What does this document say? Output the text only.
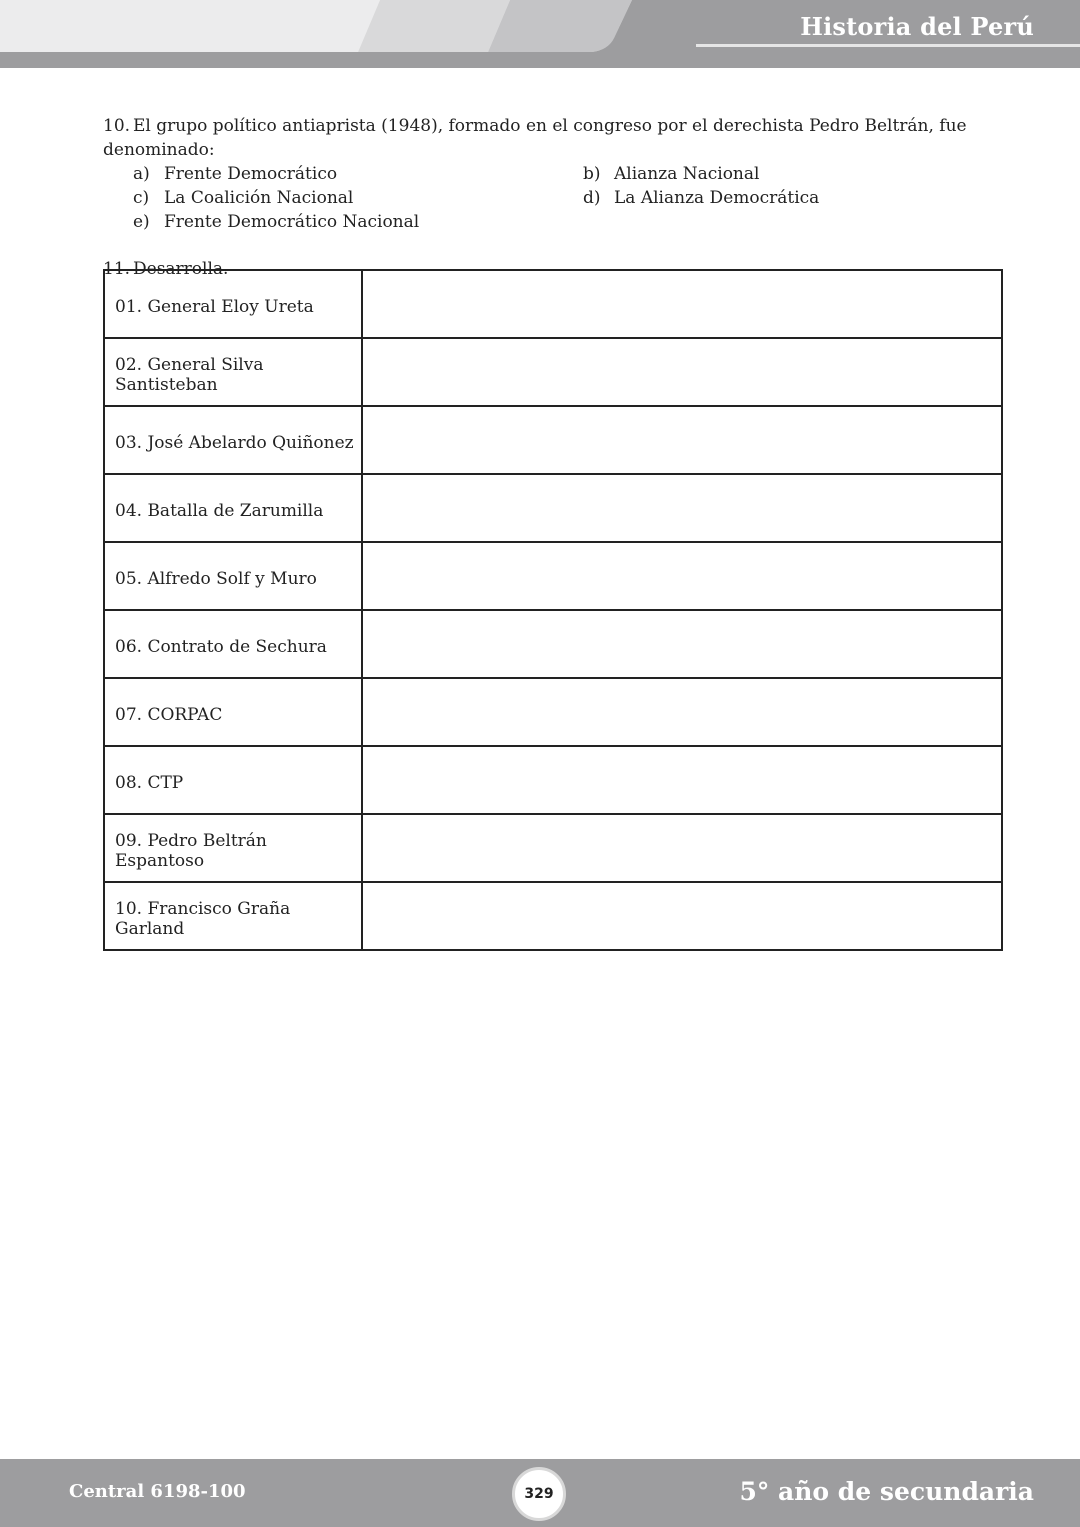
Historia del Perú
10. El grupo político antiaprista (1948), formado en el congreso por el derechista Pedro Beltrán, fue denominado:
a) Frente Democrático	b) Alianza Nacional
c) La Coalición Nacional	d) La Alianza Democrática
e) Frente Democrático Nacional
11. Desarrolla.
01. General Eloy Ureta	
02. General Silva Santisteban	
03. José Abelardo Quiñonez	
04. Batalla de Zarumilla	
05. Alfredo Solf y Muro	
06. Contrato de Sechura	
07. CORPAC	
08. CTP	
09. Pedro Beltrán Espantoso	
10. Francisco Graña Garland	
Central 6198-100	329	5° año de secundaria
